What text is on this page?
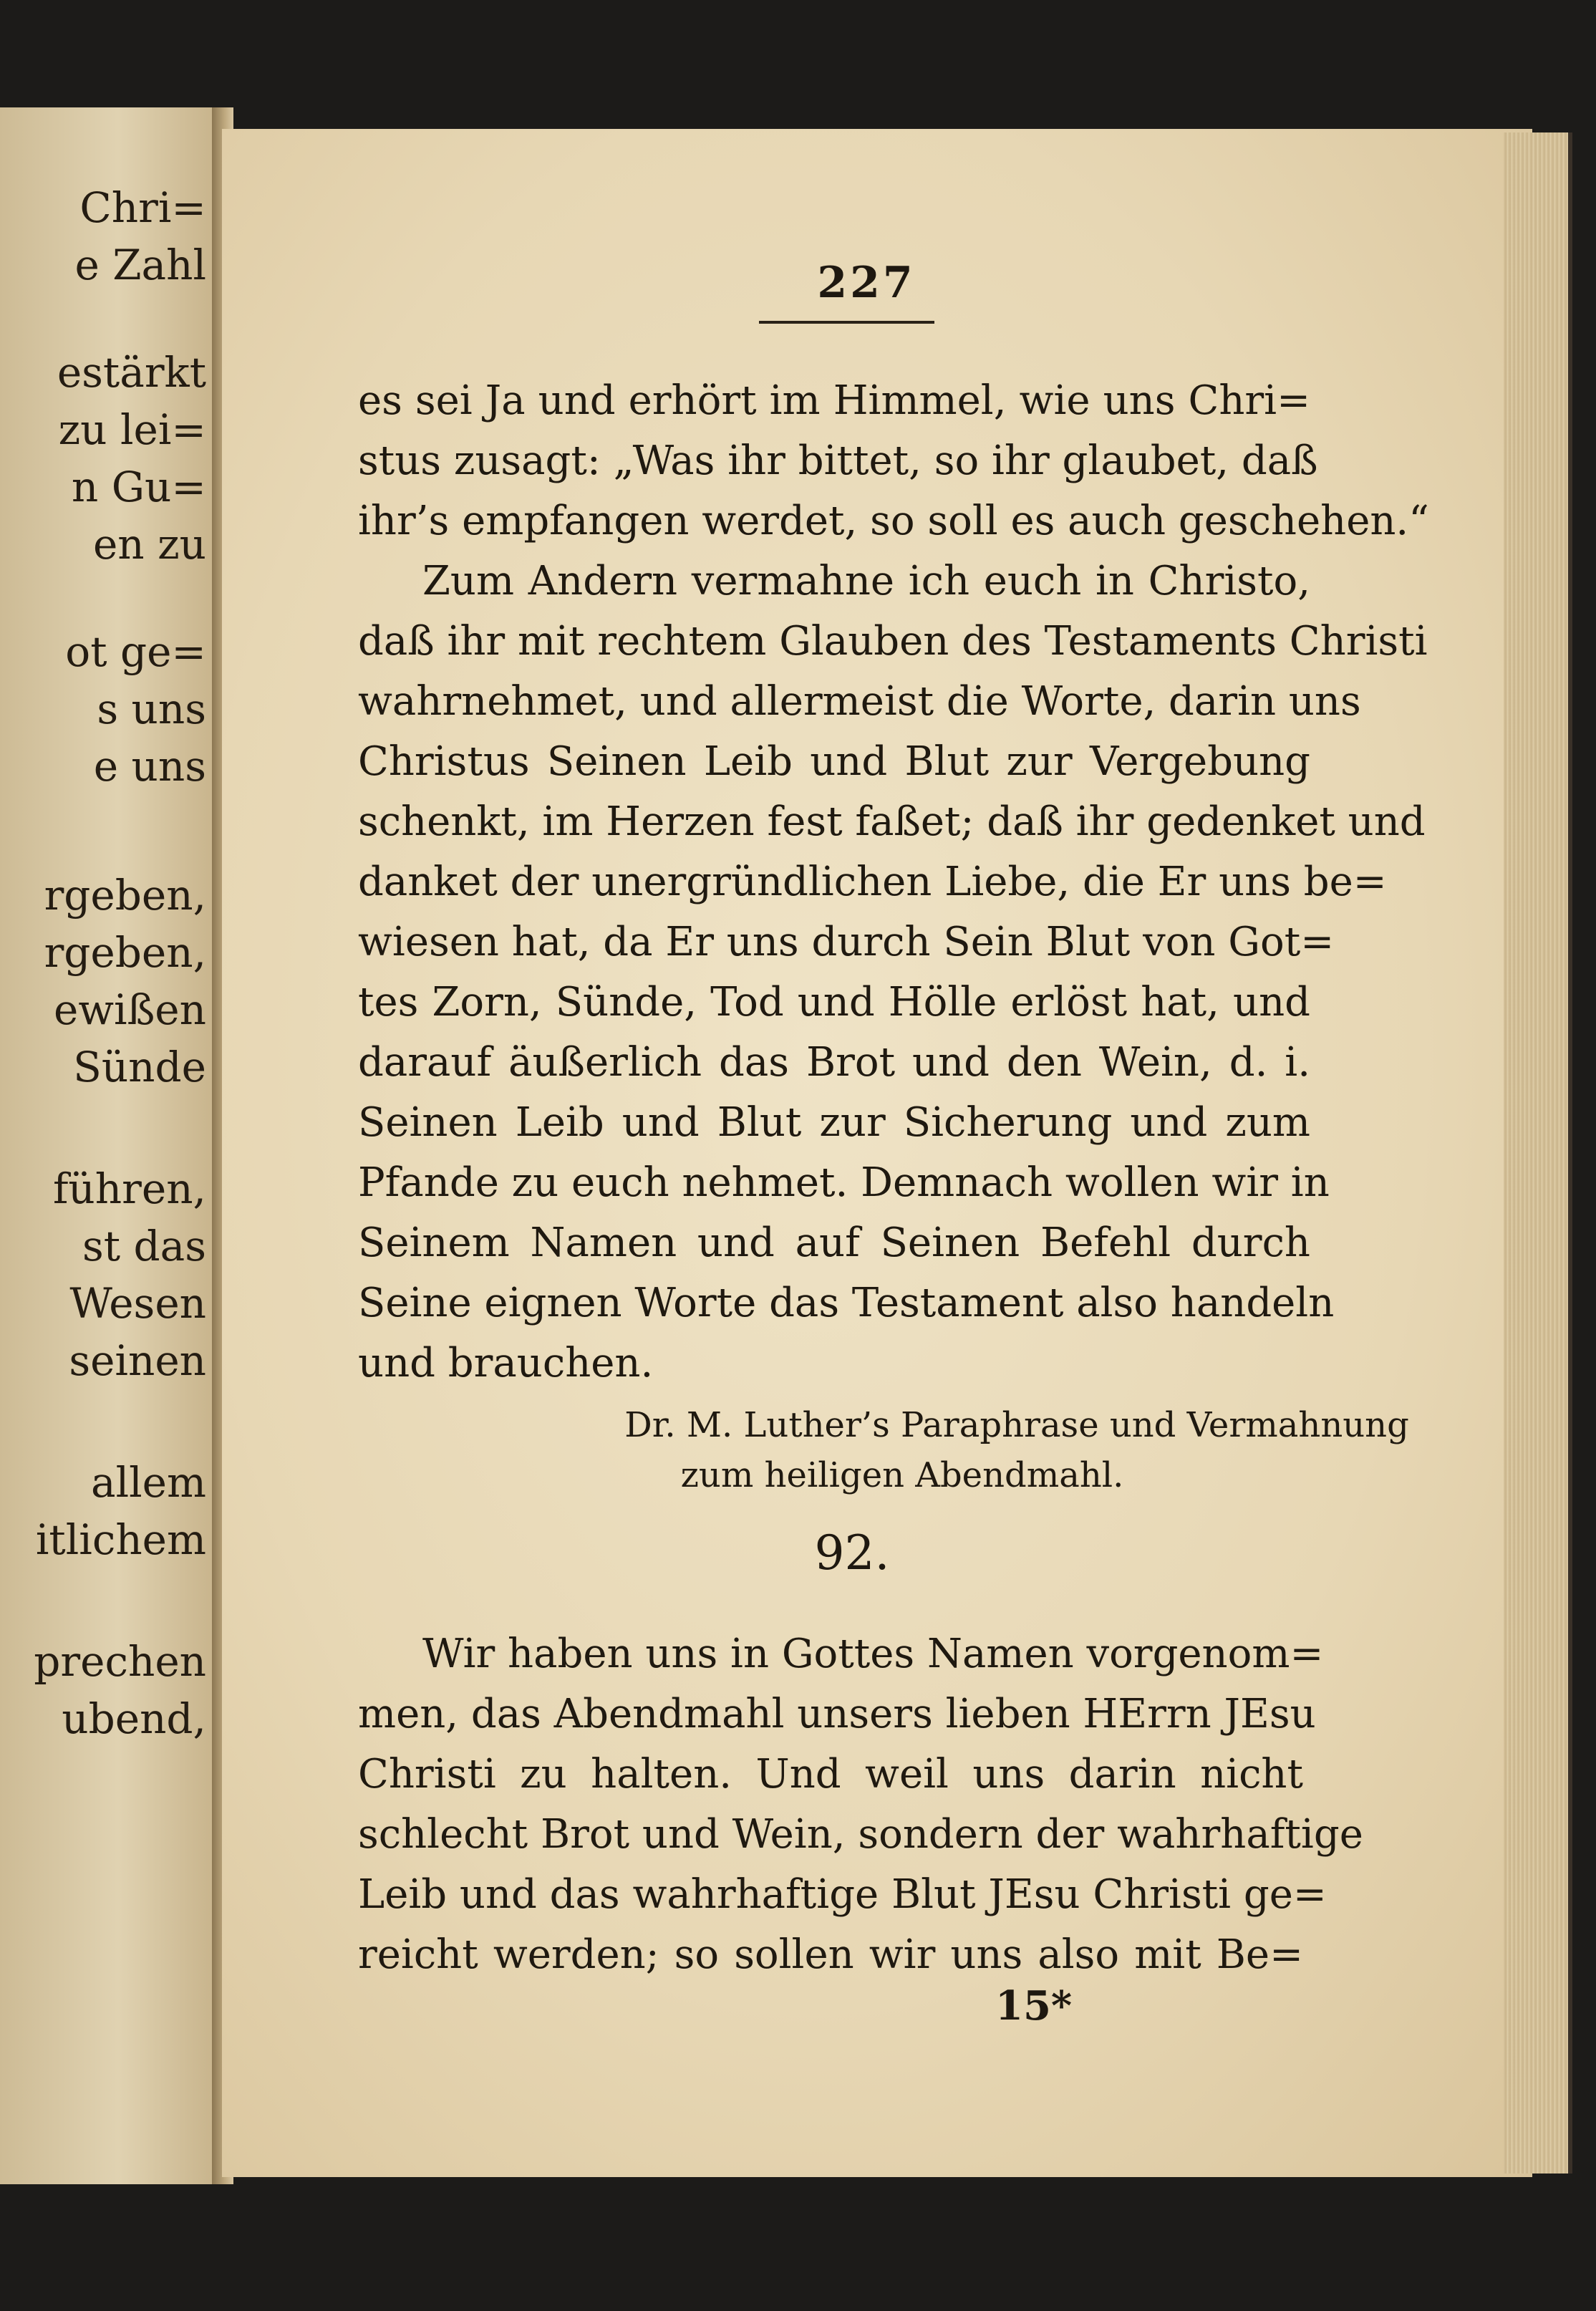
Chri=
e Zahl
estärkt
zu lei=
n Gu=
en zu
ot ge=
s uns
e uns
rgeben,
rgeben,
ewißen
Sünde
führen,
st das
Wesen
seinen
allem
itlichem
prechen
ubend,
227
es sei Ja und erhört im Himmel, wie uns Chri=
stus zusagt: „Was ihr bittet, so ihr glaubet, daß
ihr’s empfangen werdet, so soll es auch geschehen.“
Zum Andern vermahne ich euch in Christo,
daß ihr mit rechtem Glauben des Testaments Christi
wahrnehmet, und allermeist die Worte, darin uns
Christus Seinen Leib und Blut zur Vergebung
schenkt, im Herzen fest faßet; daß ihr gedenket und
danket der unergründlichen Liebe, die Er uns be=
wiesen hat, da Er uns durch Sein Blut von Got=
tes Zorn, Sünde, Tod und Hölle erlöst hat, und
darauf äußerlich das Brot und den Wein, d. i.
Seinen Leib und Blut zur Sicherung und zum
Pfande zu euch nehmet. Demnach wollen wir in
Seinem Namen und auf Seinen Befehl durch
Seine eignen Worte das Testament also handeln
und brauchen.
Dr. M. Luther’s Paraphrase und Vermahnung
zum heiligen Abendmahl.
92.
Wir haben uns in Gottes Namen vorgenom=
men, das Abendmahl unsers lieben HErrn JEsu
Christi zu halten. Und weil uns darin nicht
schlecht Brot und Wein, sondern der wahrhaftige
Leib und das wahrhaftige Blut JEsu Christi ge=
reicht werden; so sollen wir uns also mit Be=
15*
